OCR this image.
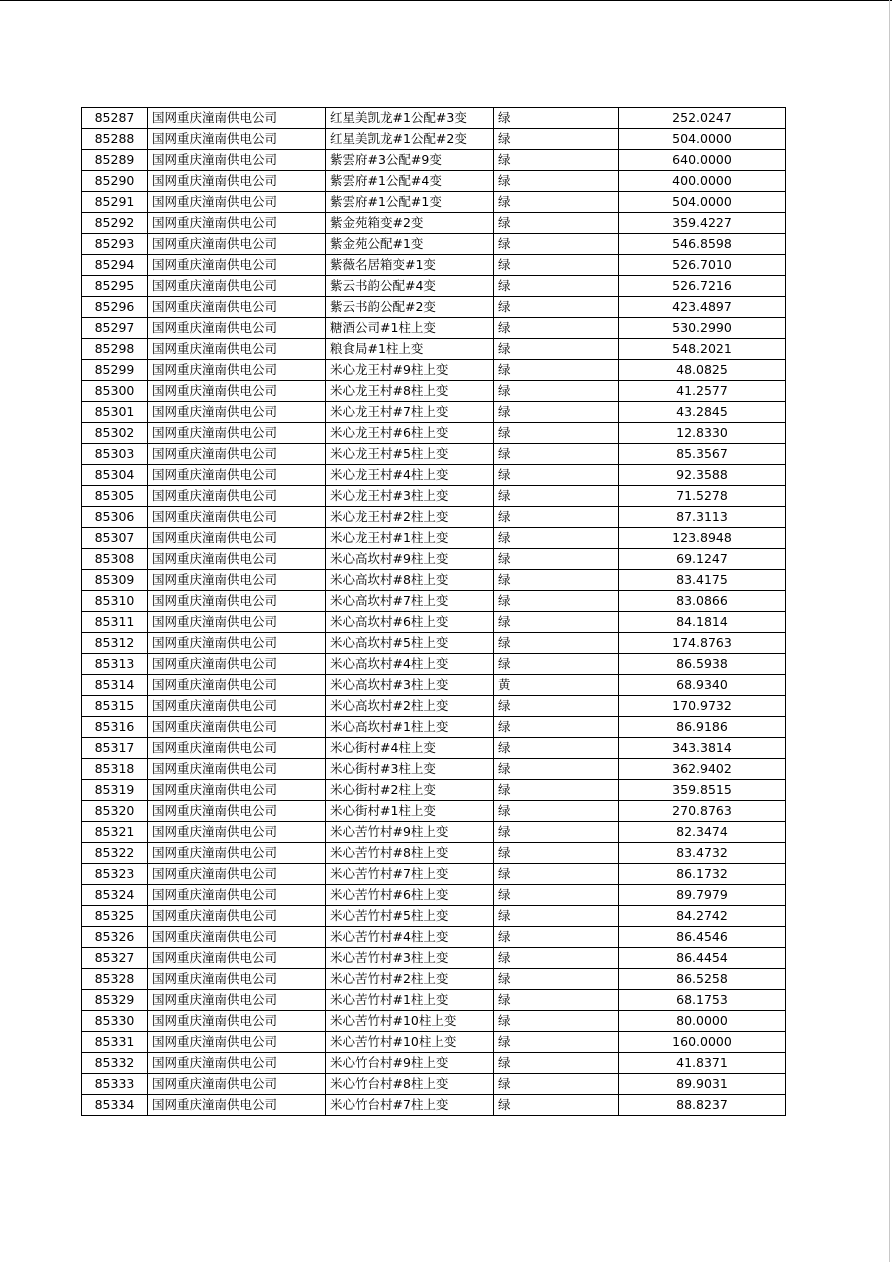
85287	国网重庆潼南供电公司	红星美凯龙#1公配#3变	绿	252.0247
85288	国网重庆潼南供电公司	红星美凯龙#1公配#2变	绿	504.0000
85289	国网重庆潼南供电公司	紫雲府#3公配#9变	绿	640.0000
85290	国网重庆潼南供电公司	紫雲府#1公配#4变	绿	400.0000
85291	国网重庆潼南供电公司	紫雲府#1公配#1变	绿	504.0000
85292	国网重庆潼南供电公司	紫金苑箱变#2变	绿	359.4227
85293	国网重庆潼南供电公司	紫金苑公配#1变	绿	546.8598
85294	国网重庆潼南供电公司	紫薇名居箱变#1变	绿	526.7010
85295	国网重庆潼南供电公司	紫云书韵公配#4变	绿	526.7216
85296	国网重庆潼南供电公司	紫云书韵公配#2变	绿	423.4897
85297	国网重庆潼南供电公司	糖酒公司#1柱上变	绿	530.2990
85298	国网重庆潼南供电公司	粮食局#1柱上变	绿	548.2021
85299	国网重庆潼南供电公司	米心龙王村#9柱上变	绿	48.0825
85300	国网重庆潼南供电公司	米心龙王村#8柱上变	绿	41.2577
85301	国网重庆潼南供电公司	米心龙王村#7柱上变	绿	43.2845
85302	国网重庆潼南供电公司	米心龙王村#6柱上变	绿	12.8330
85303	国网重庆潼南供电公司	米心龙王村#5柱上变	绿	85.3567
85304	国网重庆潼南供电公司	米心龙王村#4柱上变	绿	92.3588
85305	国网重庆潼南供电公司	米心龙王村#3柱上变	绿	71.5278
85306	国网重庆潼南供电公司	米心龙王村#2柱上变	绿	87.3113
85307	国网重庆潼南供电公司	米心龙王村#1柱上变	绿	123.8948
85308	国网重庆潼南供电公司	米心高坎村#9柱上变	绿	69.1247
85309	国网重庆潼南供电公司	米心高坎村#8柱上变	绿	83.4175
85310	国网重庆潼南供电公司	米心高坎村#7柱上变	绿	83.0866
85311	国网重庆潼南供电公司	米心高坎村#6柱上变	绿	84.1814
85312	国网重庆潼南供电公司	米心高坎村#5柱上变	绿	174.8763
85313	国网重庆潼南供电公司	米心高坎村#4柱上变	绿	86.5938
85314	国网重庆潼南供电公司	米心高坎村#3柱上变	黄	68.9340
85315	国网重庆潼南供电公司	米心高坎村#2柱上变	绿	170.9732
85316	国网重庆潼南供电公司	米心高坎村#1柱上变	绿	86.9186
85317	国网重庆潼南供电公司	米心街村#4柱上变	绿	343.3814
85318	国网重庆潼南供电公司	米心街村#3柱上变	绿	362.9402
85319	国网重庆潼南供电公司	米心街村#2柱上变	绿	359.8515
85320	国网重庆潼南供电公司	米心街村#1柱上变	绿	270.8763
85321	国网重庆潼南供电公司	米心苦竹村#9柱上变	绿	82.3474
85322	国网重庆潼南供电公司	米心苦竹村#8柱上变	绿	83.4732
85323	国网重庆潼南供电公司	米心苦竹村#7柱上变	绿	86.1732
85324	国网重庆潼南供电公司	米心苦竹村#6柱上变	绿	89.7979
85325	国网重庆潼南供电公司	米心苦竹村#5柱上变	绿	84.2742
85326	国网重庆潼南供电公司	米心苦竹村#4柱上变	绿	86.4546
85327	国网重庆潼南供电公司	米心苦竹村#3柱上变	绿	86.4454
85328	国网重庆潼南供电公司	米心苦竹村#2柱上变	绿	86.5258
85329	国网重庆潼南供电公司	米心苦竹村#1柱上变	绿	68.1753
85330	国网重庆潼南供电公司	米心苦竹村#10柱上变	绿	80.0000
85331	国网重庆潼南供电公司	米心苦竹村#10柱上变	绿	160.0000
85332	国网重庆潼南供电公司	米心竹台村#9柱上变	绿	41.8371
85333	国网重庆潼南供电公司	米心竹台村#8柱上变	绿	89.9031
85334	国网重庆潼南供电公司	米心竹台村#7柱上变	绿	88.8237
